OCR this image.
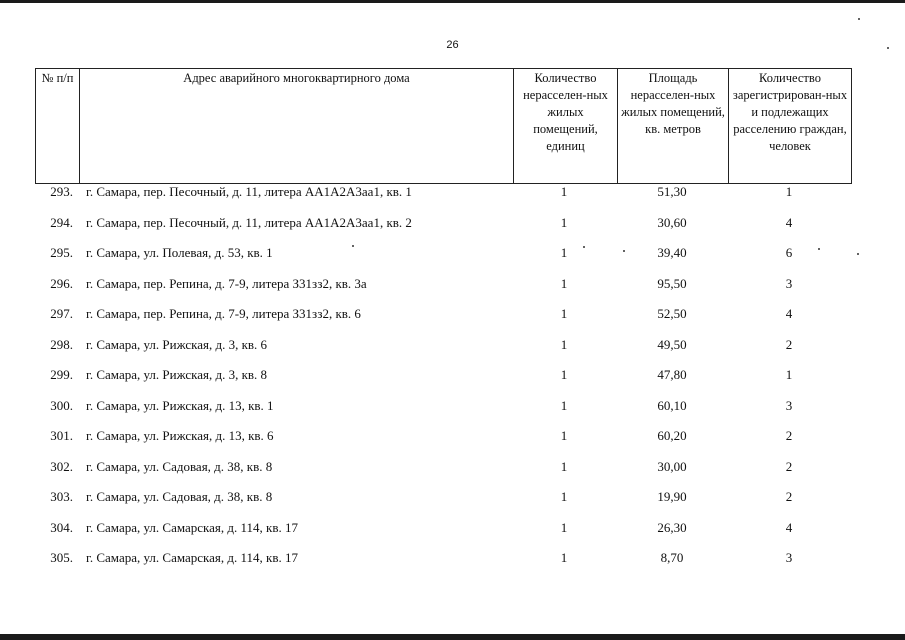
26
№ п/п	Адрес аварийного многоквартирного дома	Количество нерасселен-ных жилых помещений, единиц	Площадь нерасселен-ных жилых помещений, кв. метров	Количество зарегистрирован-ных и подлежащих расселению граждан, человек
293. г. Самара, пер. Песочный, д. 11, литера АА1А2А3аа1, кв. 1	1	51,30	1
294. г. Самара, пер. Песочный, д. 11, литера АА1А2А3аа1, кв. 2	1	30,60	4
295. г. Самара, ул. Полевая, д. 53, кв. 1	1	39,40	6
296. г. Самара, пер. Репина, д. 7-9, литера З31зз2, кв. 3а	1	95,50	3
297. г. Самара, пер. Репина, д. 7-9, литера З31зз2, кв. 6	1	52,50	4
298. г. Самара, ул. Рижская, д. 3, кв. 6	1	49,50	2
299. г. Самара, ул. Рижская, д. 3, кв. 8	1	47,80	1
300. г. Самара, ул. Рижская, д. 13, кв. 1	1	60,10	3
301. г. Самара, ул. Рижская, д. 13, кв. 6	1	60,20	2
302. г. Самара, ул. Садовая, д. 38, кв. 8	1	30,00	2
303. г. Самара, ул. Садовая, д. 38, кв. 8	1	19,90	2
304. г. Самара, ул. Самарская, д. 114, кв. 17	1	26,30	4
305. г. Самара, ул. Самарская, д. 114, кв. 17	1	8,70	3
